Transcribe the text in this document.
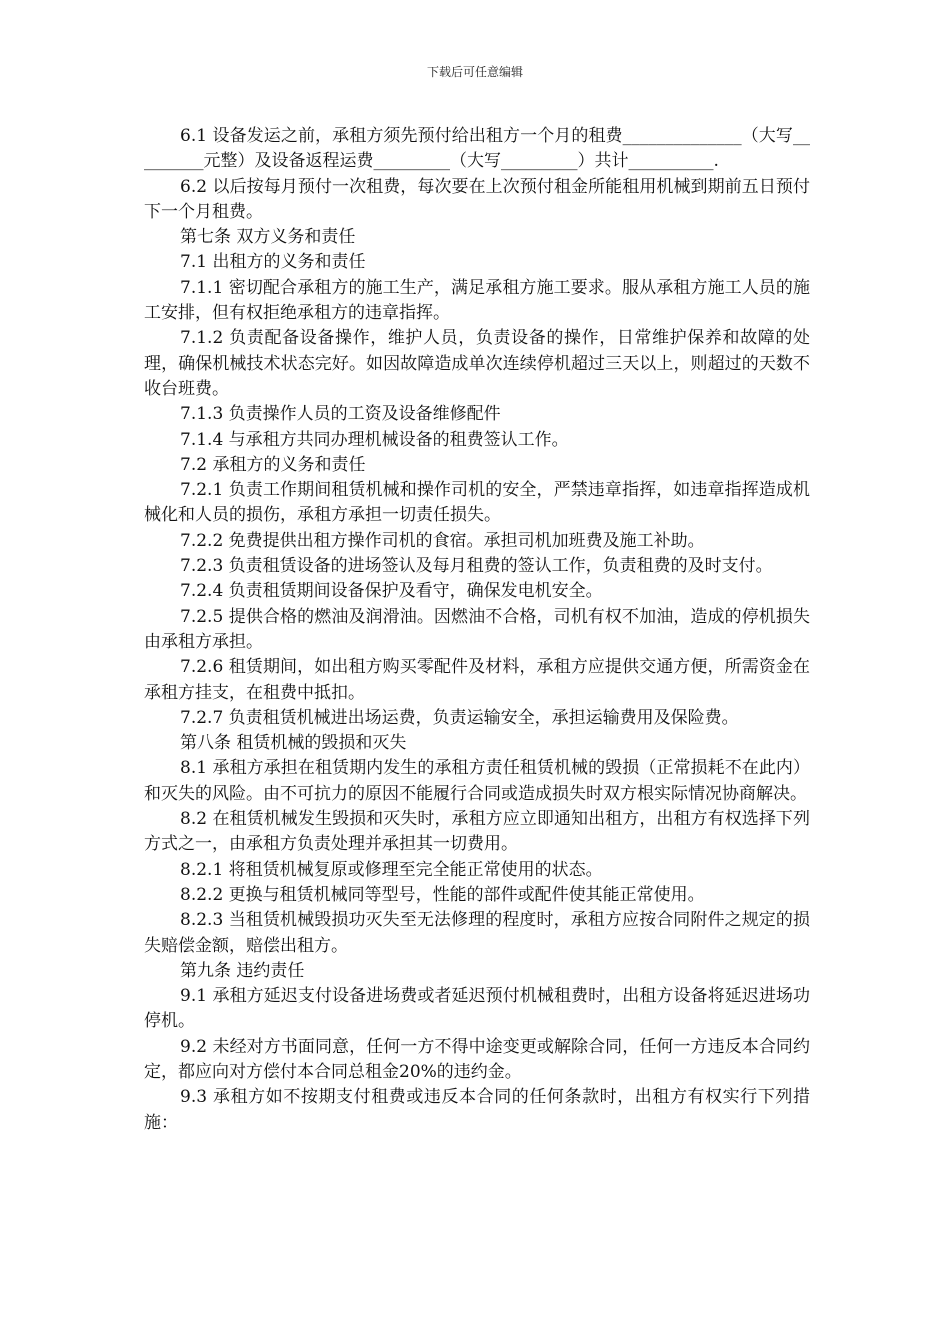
下载后可任意编辑

6.1 设备发运之前，承租方须先预付给出租方一个月的租费______________（大写_________元整）及设备返程运费_________（大写_________）共计__________.

6.2 以后按每月预付一次租费，每次要在上次预付租金所能租用机械到期前五日预付下一个月租费。

第七条 双方义务和责任

7.1 出租方的义务和责任

7.1.1 密切配合承租方的施工生产，满足承租方施工要求。服从承租方施工人员的施工安排，但有权拒绝承租方的违章指挥。

7.1.2 负责配备设备操作，维护人员，负责设备的操作，日常维护保养和故障的处理，确保机械技术状态完好。如因故障造成单次连续停机超过三天以上，则超过的天数不收台班费。

7.1.3 负责操作人员的工资及设备维修配件

7.1.4 与承租方共同办理机械设备的租费签认工作。

7.2 承租方的义务和责任

7.2.1 负责工作期间租赁机械和操作司机的安全，严禁违章指挥，如违章指挥造成机械化和人员的损伤，承租方承担一切责任损失。

7.2.2 免费提供出租方操作司机的食宿。承担司机加班费及施工补助。

7.2.3 负责租赁设备的进场签认及每月租费的签认工作，负责租费的及时支付。

7.2.4 负责租赁期间设备保护及看守，确保发电机安全。

7.2.5 提供合格的燃油及润滑油。因燃油不合格，司机有权不加油，造成的停机损失由承租方承担。

7.2.6 租赁期间，如出租方购买零配件及材料，承租方应提供交通方便，所需资金在承租方挂支，在租费中抵扣。

7.2.7 负责租赁机械进出场运费，负责运输安全，承担运输费用及保险费。

第八条 租赁机械的毁损和灭失

8.1 承租方承担在租赁期内发生的承租方责任租赁机械的毁损（正常损耗不在此内）和灭失的风险。由不可抗力的原因不能履行合同或造成损失时双方根实际情况协商解决。

8.2 在租赁机械发生毁损和灭失时，承租方应立即通知出租方，出租方有权选择下列方式之一，由承租方负责处理并承担其一切费用。

8.2.1 将租赁机械复原或修理至完全能正常使用的状态。

8.2.2 更换与租赁机械同等型号，性能的部件或配件使其能正常使用。

8.2.3 当租赁机械毁损功灭失至无法修理的程度时，承租方应按合同附件之规定的损失赔偿金额，赔偿出租方。

第九条 违约责任

9.1 承租方延迟支付设备进场费或者延迟预付机械租费时，出租方设备将延迟进场功停机。

9.2 未经对方书面同意，任何一方不得中途变更或解除合同，任何一方违反本合同约定，都应向对方偿付本合同总租金20%的违约金。

9.3 承租方如不按期支付租费或违反本合同的任何条款时，出租方有权实行下列措施：
